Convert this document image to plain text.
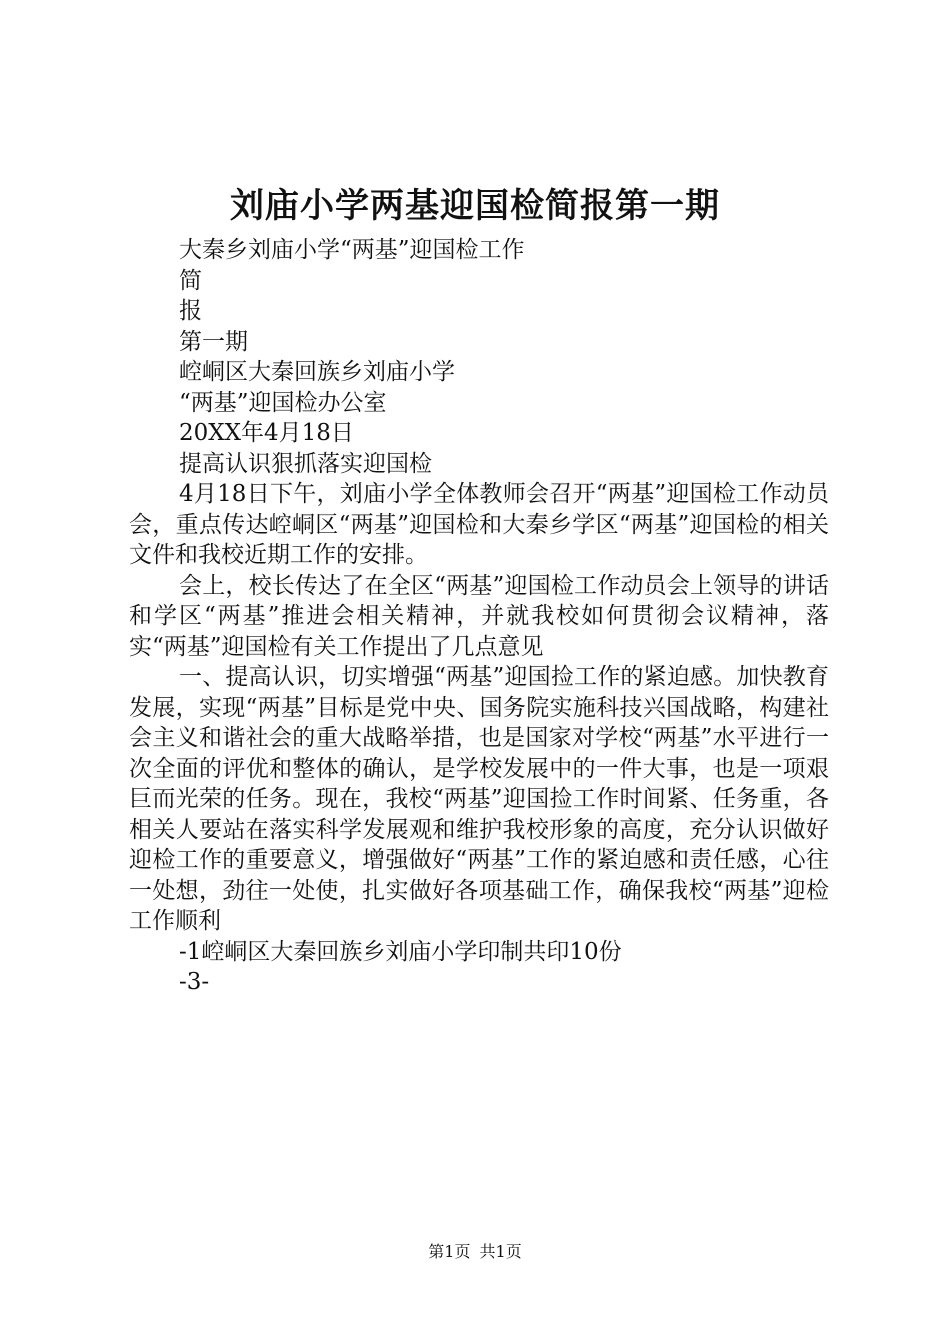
刘庙小学两基迎国检简报第一期

大秦乡刘庙小学“两基”迎国检工作

简

报

第一期

崆峒区大秦回族乡刘庙小学

“两基”迎国检办公室

20XX年4月18日

提高认识狠抓落实迎国检

4月18日下午，刘庙小学全体教师会召开“两基”迎国检工作动员会，重点传达崆峒区“两基”迎国检和大秦乡学区“两基”迎国检的相关文件和我校近期工作的安排。

会上，校长传达了在全区“两基”迎国检工作动员会上领导的讲话和学区“两基”推进会相关精神，并就我校如何贯彻会议精神，落实“两基”迎国检有关工作提出了几点意见

一、提高认识，切实增强“两基”迎国捡工作的紧迫感。加快教育发展，实现“两基”目标是党中央、国务院实施科技兴国战略，构建社会主义和谐社会的重大战略举措，也是国家对学校“两基”水平进行一次全面的评优和整体的确认，是学校发展中的一件大事，也是一项艰巨而光荣的任务。现在，我校“两基”迎国捡工作时间紧、任务重，各相关人要站在落实科学发展观和维护我校形象的高度，充分认识做好迎检工作的重要意义，增强做好“两基”工作的紧迫感和责任感，心往一处想，劲往一处使，扎实做好各项基础工作，确保我校“两基”迎检工作顺利

-1崆峒区大秦回族乡刘庙小学印制共印10份

-3-

第1页 共1页
